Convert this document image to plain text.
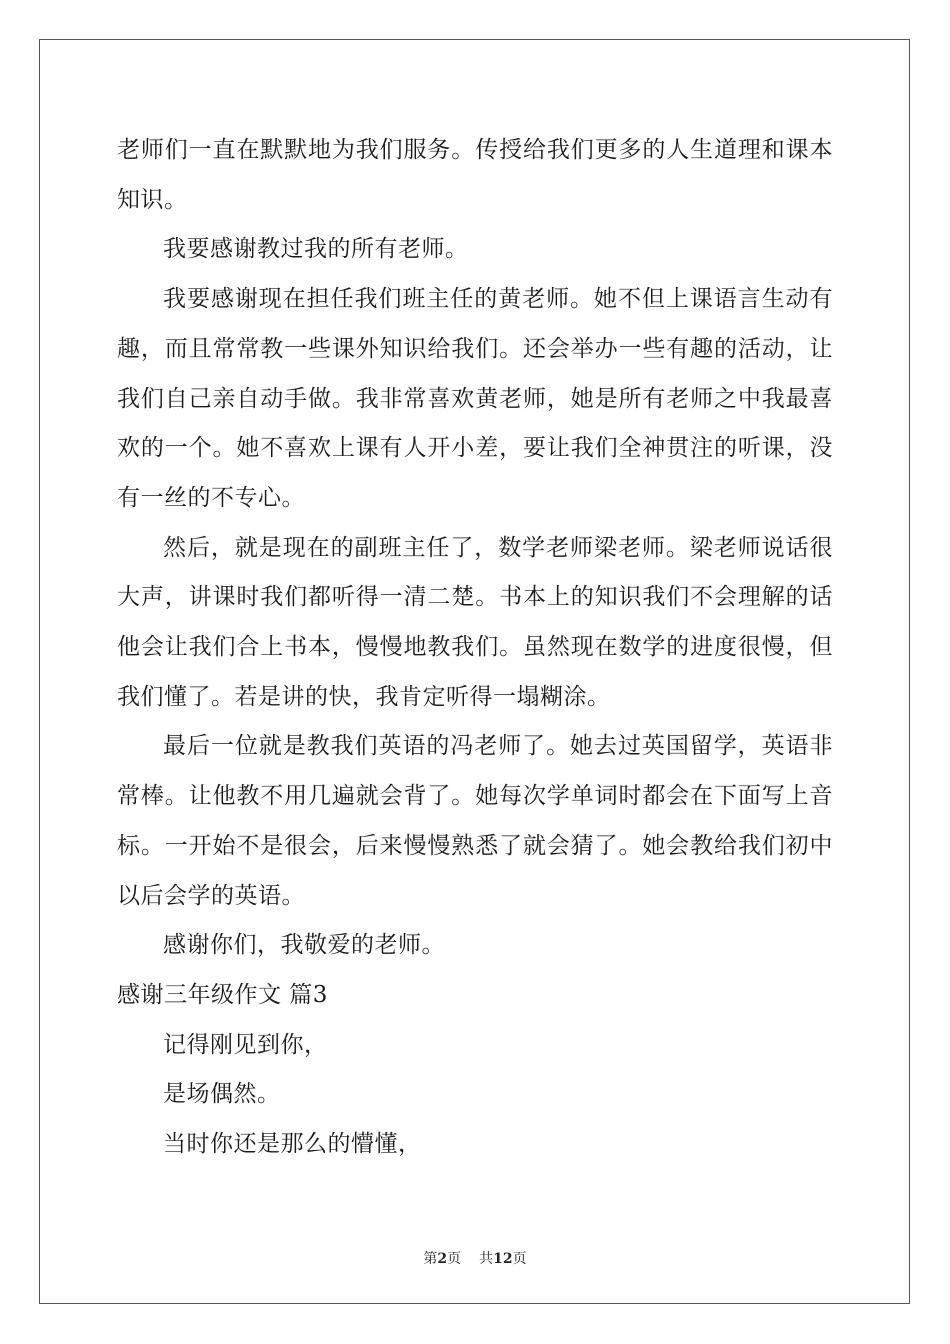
老师们一直在默默地为我们服务。传授给我们更多的人生道理和课本知识。

我要感谢教过我的所有老师。

我要感谢现在担任我们班主任的黄老师。她不但上课语言生动有趣，而且常常教一些课外知识给我们。还会举办一些有趣的活动，让我们自己亲自动手做。我非常喜欢黄老师，她是所有老师之中我最喜欢的一个。她不喜欢上课有人开小差，要让我们全神贯注的听课，没有一丝的不专心。

然后，就是现在的副班主任了，数学老师梁老师。梁老师说话很大声，讲课时我们都听得一清二楚。书本上的知识我们不会理解的话他会让我们合上书本，慢慢地教我们。虽然现在数学的进度很慢，但我们懂了。若是讲的快，我肯定听得一塌糊涂。

最后一位就是教我们英语的冯老师了。她去过英国留学，英语非常棒。让他教不用几遍就会背了。她每次学单词时都会在下面写上音标。一开始不是很会，后来慢慢熟悉了就会猜了。她会教给我们初中以后会学的英语。

感谢你们，我敬爱的老师。

感谢三年级作文 篇3

记得刚见到你，

是场偶然。

当时你还是那么的懵懂，

第2页 共12页
